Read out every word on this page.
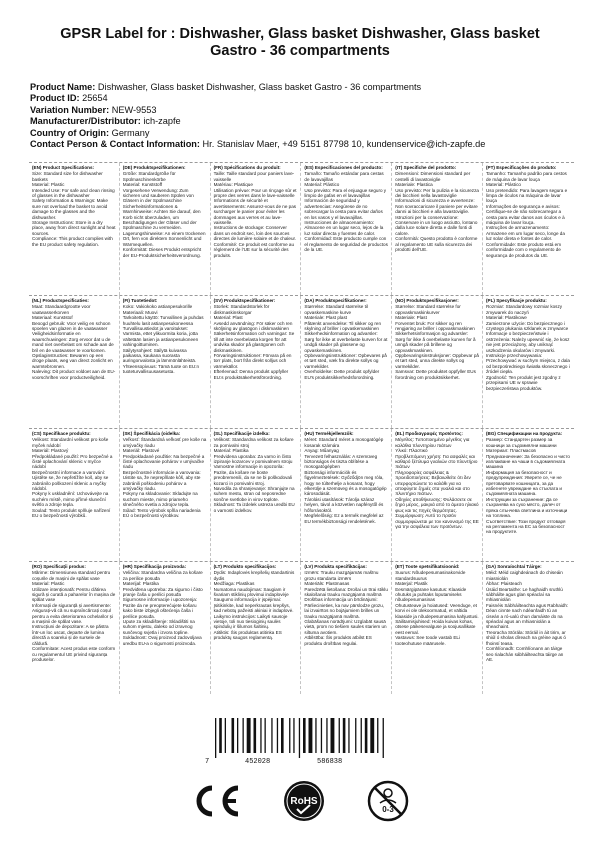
GPSR Label for : Dishwasher, Glass basket Dishwasher, Glass basket Gastro - 36 compartments
Product Name: Dishwasher, Glass basket Dishwasher, Glass basket Gastro - 36 compartments
Product ID: 25654
Variation Number: NEW-9553
Manufacturer/Distributor: ich-zapfe
Country of Origin: Germany
Contact Person & Contact Information: Hr. Stanislav Maer, +49 5151 87798 10, kundenservice@ich-zapfe.de
(EN) Product Specifications:
Size: Standard size for dishwasher baskets
Material: Plastic
Intended Use: For safe and clean rinsing of glasses in the dishwasher
Safety Information & Warnings: Make sure not overload the basket to avoid damage to the glasses and the dishwasher.
Storage Instructions: Store in a dry place, away from direct sunlight and heat sources.
Compliance: This product complies with the EU product safety regulation.
(DE) Produktspezifikationen:
Größe: Standardgröße für Spülmaschinenkörbe
Material: Kunststoff
Vorgesehene Verwendung: Zum sicheren und sauberen Spülen von Gläsern in der Spülmaschine
Sicherheitsinformationen & Warnhinweise: Achten Sie darauf, den Korb nicht überzuladen, um Beschädigungen der Gläser und der Spülmaschine zu vermeiden.
Lagerungshinweise: An einem trockenen Ort, fern von direktem Sonnenlicht und Wärmequellen.
Konformität: Dieses Produkt entspricht der EU-Produktsicherheitsverordnung.
(FR) Spécifications du produit:
Taille: Taille standard pour paniers lave-vaisselle
Matériau: Plastique
Utilisation prévue: Pour un rinçage sûr et propre des verres dans le lave-vaisselle
Informations de sécurité et avertissements: Assurez-vous de ne pas surcharger le panier pour éviter les dommages aux verres et au lave-vaisselle.
Instructions de stockage: Conserver dans un endroit sec, loin des sources directes de lumière solaire et de chaleur.
Conformité: Ce produit est conforme au règlement de l'UE sur la sécurité des produits.
(ES) Especificaciones del producto:
Tamaño: Tamaño estándar para cestas de lavavajillas
Material: Plástico
Uso previsto: Para el enjuague seguro y limpio de gafas en el lavavajillas
Información de seguridad y advertencias: Asegúrese de no sobrecargar la cesta para evitar daños en los vasos y el lavavajillas.
Instrucciones de almacenamiento: Almacene en un lugar seco, lejos de la luz solar directa y fuentes de calor.
Conformidad: Este producto cumple con el reglamento de seguridad de productos de la UE.
(IT) Specifiche del prodotto:
Dimensioni: Dimensioni standard per cestelli di lavastoviglie
Materiale: Plastica
Uso previsto: Per la pulizia e la sicurezza dei bicchieri nella lavastoviglie
Informazioni di sicurezza e avvertenze: Non sovraccaricare il paniere per evitare danni ai bicchieri e alla lavastoviglie.
Istruzioni per la conservazione: Conservare in un luogo asciutto, lontano dalla luce solare diretta e dalle fonti di calore.
Conformità: Questo prodotto è conforme al regolamento UE sulla sicurezza dei prodotti dell'UE.
(PT) Especificações do produto:
Tamanho: Tamanho padrão para cestos de máquina de lavar louça
Material: Plástico
Uso pretendido: Para lavagem segura e limpa de óculos na máquina de lavar louça
Informações de segurança e avisos: Certifique-se de não sobrecarregar a cesta para evitar danos aos óculos e à máquina de lavar louça.
Instruções de armazenamento: Armazene em um lugar seco, longe da luz solar direta e fontes de calor.
Conformidade: Este produto está em conformidade com o regulamento de segurança de produtos da UE.
(NL) Productspecificaties:
Maat: Standaardgrootte voor vaatwasserkorven
Materiaal: Kunststof
Beoogd gebruik: Voor veilig en schoon spoelen van glazen in de vaatwasser
Veiligheidsinformatie en waarschuwingen: Zorg ervoor dat u de mand niet overbelast om schade aan de bril en de vaatwasser te voorkomen.
Opslaginstructies: Bewaren op een droge plaats, weg van direct zonlicht en warmtebronnen.
Naleving: Dit product voldoet aan de EU-voorschriften voor productveiligheid.
(FI) Tuotetiedot:
Koko: Vakiokoko astianpesukorille
Materiaali: Muovi
Tarkoitettu käyttö: Turvallinen ja puhdas huuhtelu lasit astianpesukoneessa
Turvallisuustiedot ja varoitukset: Varmista, ettet ylikuormita koria, jotta vältetään lasien ja astianpesukoneen vahingoittuminen.
Säilytysohjeet: Säilytä kuivassa paikassa, kaukana suorasta auringonvalosta ja lämmönlähteistä.
Yhteensopivuus: Tämä tuote on EU:n tuoteturvallisuusasetusta.
(SV) Produktspecifikationer:
Storlek: Standardstorlek för diskmaskinskorgar
Material: Plast
Avsedd användning: För säker och ren sköljning av glasögon i diskmaskinen
Säkerhetsinformation och varningar: Se till att inte överbelasta korgen för att undvika skador på glasögonen och diskmaskinen.
Förvaringsinstruktioner: Förvara på en torr plats, bort från direkt solljus och värmekällor.
Efterlevnad: Denna produkt uppfyller EU:s produktsäkerhetsförordning.
(DA) Produktspecifikationer:
Størrelse: Standard størrelse til opvaskemaskine kurve
Materiale: Plast plast
Påtænkt anvendelse: Til sikker og ren skylning af briller i opvaskemaskinen
Sikkerhedsinformation og advarsler: Sørg for ikke at overbelaste kurven for at undgå skader på glassene og opvaskemaskinen.
Opbevaringsinstruktioner: Opbevares på et tørt sted, væk fra direkte sollys og varmekilder.
Overholdelse: Dette produkt opfylder EU's produktsikkerhedsforordning.
(NO) Produktspesifikasjoner:
Størrelse: Standard størrelse for oppvaskmaskinkurver
Materiale: Plast
Forventet bruk: For sikker og ren rengjøring av briller i oppvaskmaskinen
Sikkerhetsinformasjon og advarsler: Sørg for ikke å overbelaste kurven for å unngå skader på brillene og oppvaskmaskinen.
Oppbevaringsinstruksjoner: Oppbevar på et tørt sted, unna direkte sollys og varmekilder.
Samsvar: Dette produktet oppfyller EUs forordning om produktsikkerhet.
(PL) Specyfikacje produktu:
Rozmiar: Standardowy rozmiar koszy zmywarek do naczyń
Materiał: Plastikowe
Zamierzone użycie: Do bezpiecznego i czystego płukania szklanek w zmywarce
Informacje o bezpieczeństwie i ostrzeżenia: Należy upewnić się, że kosz nie jest przeciążony, aby uniknąć uszkodzenia okularów i zmywarki.
Instrukcje przechowywania: Przechowywać w suchym miejscu, z dala od bezpośredniego światła słonecznego i źródeł ciepła.
Zgodność: Ten produkt jest zgodny z przepisami UE w sprawie bezpieczeństwa produktów.
(CS) Specifikace produktu:
Velikost: Standardní velikost pro koše myček nádobí
Materiál: Plastový
Předpokládané použití: Pro bezpečné a čisté oplachování sklenic v myčce nádobí
Bezpečnostní informace a varování: Ujistěte se, že nepřetížíte koš, aby se zabránilo poškození sklenic a myčky nádobí.
Pokyny k uskladnění: Uchovávejte na suchém místě, mimo přímé sluneční světlo a zdroje tepla.
Soulad: Tento produkt splňuje nařízení EU o bezpečnosti výrobků.
(SK) Špecifikácia (oidelka:
Veľkosť: Štandardná veľkosť pre koše na umývačky riadu
Materiál: Plastové
Predpokladané použitie: Na bezpečné a čisté oplachovanie pohárov v umývačke riadu
Bezpečnostné informácie a varovania: Uistite sa, že neprepĺňate kôš, aby ste zabránili poškodeniu pohárov a umývačky riadu.
Pokyny na skladovanie: Skladujte na suchom mieste, mimo priameho slnečného svetla a zdrojov tepla.
Súlad: Tento výrobok spĺňa nariadenia EÚ o bezpečnosti výrobkov.
(SL) Specifikacije izdelka:
Velikost: Standardna velikost za košare za pomivalni stroj
Material: Plastika
Predvidena uporaba: Za varno in čisto izpiranje kozarcev v pomivalnem stroju
Varnostne informacije in opozorila: Pazite, da košare ne boste preobremenili, da se ne bi poškodovali kozarci in pomivalni stroj.
Navodila za shranjevanje: Shranjujte na suhem mestu, stran od neposredne sončne svetlobe in virov toplote.
Skladnost: Ta izdelek ustreza uredbi EU o varnosti izdelkov.
(HU) Termékjellemzők:
Méret: Standard méret a mosogatógép kosarak számára
Anyag: Műanyag
Tervezett felhasználás: A szemüveg biztonságos és tiszta öblítése a mosogatógépben
Biztonsági információk és figyelmeztetések: Győződjön meg róla, hogy ne túlterhelje a kosarat, hogy elkerülje a szemüveg és a mosogatógép károsodását.
Tárolási utasítások: Tárolja száraz helyen, távol a közvetlen napfénytől és hőforrásoktól.
Megfelelőség: Ez a termék megfelel az EU termékbiztonsági rendeletének.
(EL) Προδιαγραφές προϊόντος:
Μέγεθος: Τυποποιημένο μέγεθος για καλάθια πλυντηρίου πιάτων
Υλικό: Πλαστικό
Προβλεπόμενη χρήση: Για ασφαλές και καθαρό ξέπλυμα γυαλιών στο πλυντήριο πιάτων
Πληροφορίες ασφάλειας & προειδοποιήσεις: Βεβαιωθείτε ότι δεν υπερφορτώνετε το καλάθι για να αποφύγετε ζημιές στα γυαλιά και στο πλυντήριο πιάτων.
Οδηγίες αποθήκευσης: Φυλάσσετε σε ξηρό μέρος, μακριά από το άμεσο ηλιακό φως και τις πηγές θερμότητας.
Συμμόρφωση: Αυτό το προϊόν συμμορφώνεται με τον κανονισμό της ΕΕ για την ασφάλεια των προϊόντων.
(BG) Спецификации на продукта:
Размер: Стандартен размер за кошници за съдомиялни машини
Материал: Пластмасов
Предназначение: За безопасно и чисто изплакване на чаши в съдомиялната машина
Информация за безопасност и предупреждения: Уверете се, че не претоварвате кошницата, за да избегнете увреждане на стъклата и съдомиялната машина.
Инструкции за съхранение: Да се съхранява на сухо място, далеч от пряка слънчева светлина и източници на топлина.
Съответствие: Този продукт отговаря на регламента на ЕС за безопасност на продуктите.
(RO) Specificații produs:
Mărime: Dimensiunea standard pentru coșurile de mașini de spălat vase
Material: Plastic
Utilizare intenționată: Pentru clătirea sigură și curată a paharelor în mașina de spălat vase
Informații de siguranță și avertismente: Asigurați-vă că nu supraîncărcați coșul pentru a evita deteriorarea ochelarilor și a mașinii de spălat vase.
Instrucțiuni de depozitare: A se păstra într-un loc uscat, departe de lumina directă a soarelui și de sursele de căldură.
Conformitate: Acest produs este conform cu regulamentul UE privind siguranța produselor.
(HR) Specifikacija proizvoda:
Veličina: Standardna veličina za košare za perilice posuđa
Materijal: Plastika
Predviđena upotreba: Za sigurno i čisto pranje čaša u perilici posuđa
Sigurnosne informacije i upozorenja: Pazite da ne preopterećujete košaru kako biste izbjegli oštećenja čaša i perilice posuđa.
Upute za skladištenje: Skladištiti na suhom mjestu, daleko od izravnog sunčevog svjetla i izvora topline.
Sukladnost: Ovaj proizvod zadovoljava uredbu EU-a o sigurnosti proizvoda.
(LT) Produkto specifikacijos:
Dydis: Indaplovės krepšelių standartinis dydis
Medžiaga: Plastikas
Numatoma naudojimas: Saugiam ir švariam stiklinių plovimui indaplovėje
Saugumo informacija ir įspėjimai: Įsitikinkite, kad neperkrautas krepšys, kad nebūtų pažeisti akiniai ir indaplovė.
Laikymo instrukcijos: Laikyti sausoje vietoje, toli nuo tiesioginių saulės spindulių ir šilumos šaltinių.
Atitiktis: Šis produktas atitinka ES produktų saugos reglamentą.
(LV) Produkta specifikācijas:
Izmērs: Trauku mazgājamās mašīnu grozu standarta izmērs
Materiāls: Plastmasas
Paredzētā lietošana: Drošai un tīrai stiklu skalošanai trauku mazgājamā mašīnā
Drošības informācija un brīdinājumi: Pārliecinieties, ka nav pārslodze grozu, lai izvairītos no bojājumiem brilles un trauku mazgājamā mašīnā.
Glabāšanas norādījumi: Uzglabāt sausā vietā, prom no tiešiem saules stariem un siltuma avotiem.
Atbilstība: Šis produkts atbilst ES produktu drošības regulai.
(ET) Toote spetsifikatsioonid:
Suurus: Nõudepesumasinakorvide standardsuurus
Materjal: Plastik
Eesmärgipärane kasutus: Klaaside ohutuks ja puhtaks loputamiseks nõudepesumasinas
Ohutusteave ja hoiatused: Veenduge, et korvi ei ole ülekoormatud, et vältida klaaside ja nõudepesumasina kahjustusi.
Säilitamisjuhised: Hoida kuivas kohas, otsese päikesevalguse ja soojusallikate eest eemal.
Vastavus: See toode vastab ELi tooteohutuse määrusele.
(GA) Sonraíochtaí Táirge:
Méid: Méid caighdeánach do chiseáin miasniolán
Ábhar: Plaisteach
Úsáid Beartaithe: Le haghaidh sruthlú sábháilte agus glan spéaclaí sa mhiasniolán
Faisnéis Sábháilteachta agus Rabhaidh: Déan cinnte nach ndéanfaidh tú an ciseán a ró-ualú chun damáiste do na spéaclaí agus an mhiasniolán a sheachaint.
Treoracha Stórála: Stóráil in áit tirim, ar shiúl ó sholas díreach na gréine agus ó fhoinsí teasa.
Comhlíonadh: Comhlíonann an táirge seo rialachán sábháilteachta táirge an AE.
7	452028	586838
RoHS
0-3
